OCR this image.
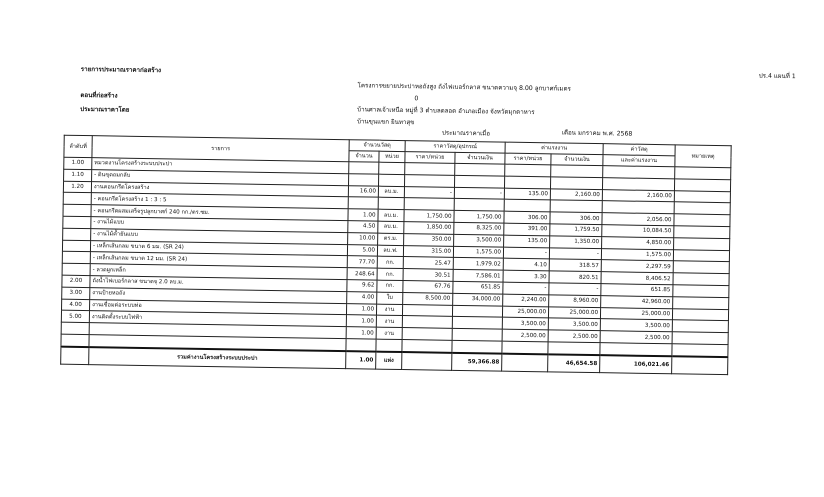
รายการประมาณราคาก่อสร้าง
ปร.4 แผนที่ 1
โครงการขยายประปาหอถังสูง ถังไฟเบอร์กลาส ขนาดความจุ 8.00 ลูกบาศก์เมตร
0
ตอนที่ก่อสร้าง
บ้านศาลเจ้าเหนือ หมู่ที่ 3 ตำบลตลอด อำเภอเมือง จังหวัดมุกดาหาร
ประมาณราคาโดย
บ้านขุนแขก ยินทาสุข
ประมาณราคาเมื่อ	เดือน มกราคม พ.ศ. 2568
ลำดับที่	รายการ	จำนวนวัสดุ		ราคาวัสดุ/อุปกรณ์		ค่าแรงงาน		ค่าวัสดุ	หมายเหตุ
		จำนวน	หน่วย	ราคา/หน่วย	จำนวนเงิน	ราคา/หน่วย	จำนวนเงิน	และค่าแรงงาน	
1.00	หมวดงานโครงสร้างระบบประปา								
1.10	- ดินขุดถมกลับ								
1.20	งานคอนกรีตโครงสร้าง	16.00	ลบ.ม.	-	-	135.00	2,160.00	2,160.00	
	- คอนกรีตโครงสร้าง 1 : 3 : 5								
	- คอนกรีตผสมเสร็จรูปลูกบาศก์ 240 กก./ตร.ซม.	1.00	ลบ.ม.	1,750.00	1,750.00	306.00	306.00	2,056.00	
	- งานไม้แบบ	4.50	ลบ.ม.	1,850.00	8,325.00	391.00	1,759.50	10,084.50	
	- งานไม้ค้ำยันแบบ	10.00	ตร.ม.	350.00	3,500.00	135.00	1,350.00	4,850.00	
	- เหล็กเส้นกลม ขนาด 6 มม. (SR 24)	5.00	ลบ.ฟ.	315.00	1,575.00	-	-	1,575.00	
	- เหล็กเส้นกลม ขนาด 12 มม. (SR 24)	77.70	กก.	25.47	1,979.02	4.10	318.57	2,297.59	
	- ลวดผูกเหล็ก	248.64	กก.	30.51	7,586.01	3.30	820.51	8,406.52	
2.00	ถังน้ำไฟเบอร์กลาส ขนาดจุ 2.0 ลบ.ม.	9.62	กก.	67.76	651.85	-	-	651.85	
3.00	งานป้ายหอถัง	4.00	ใบ	8,500.00	34,000.00	2,240.00	8,960.00	42,960.00	
4.00	งานเชื่อมต่อระบบท่อ	1.00	งาน			25,000.00	25,000.00	25,000.00	
5.00	งานติดตั้งระบบไฟฟ้า	1.00	งาน			3,500.00	3,500.00	3,500.00	
		1.00	งาน			2,500.00	2,500.00	2,500.00	

	รวมค่างานโครงสร้างระบบประปา	1.00	แห่ง		59,366.88		46,654.58	106,021.46	
